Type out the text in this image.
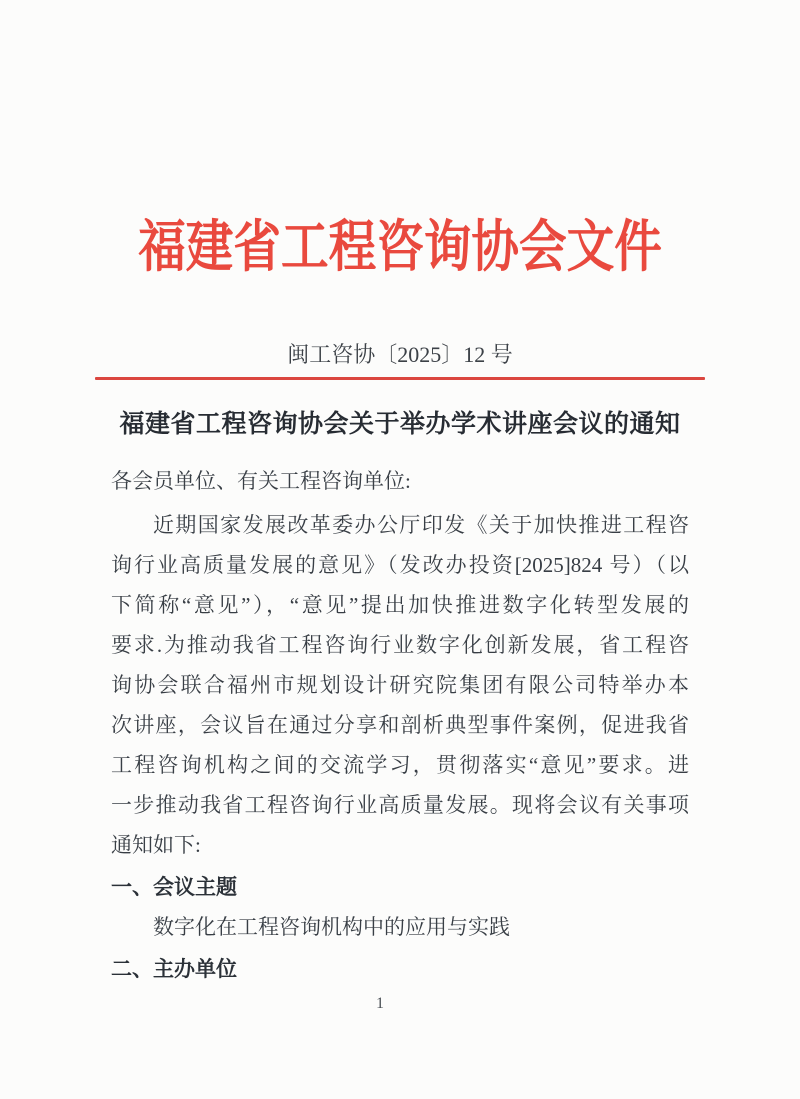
福建省工程咨询协会文件
闽工咨协〔2025〕12 号
福建省工程咨询协会关于举办学术讲座会议的通知

各会员单位、有关工程咨询单位:

近期国家发展改革委办公厅印发《关于加快推进工程咨
询行业高质量发展的意见》（发改办投资[2025]824 号）（以
下简称“意见”），“意见”提出加快推进数字化转型发展的
要求.为推动我省工程咨询行业数字化创新发展，省工程咨
询协会联合福州市规划设计研究院集团有限公司特举办本
次讲座，会议旨在通过分享和剖析典型事件案例，促进我省
工程咨询机构之间的交流学习，贯彻落实“意见”要求。进
一步推动我省工程咨询行业高质量发展。现将会议有关事项
通知如下:
一、会议主题
数字化在工程咨询机构中的应用与实践
二、主办单位
1
